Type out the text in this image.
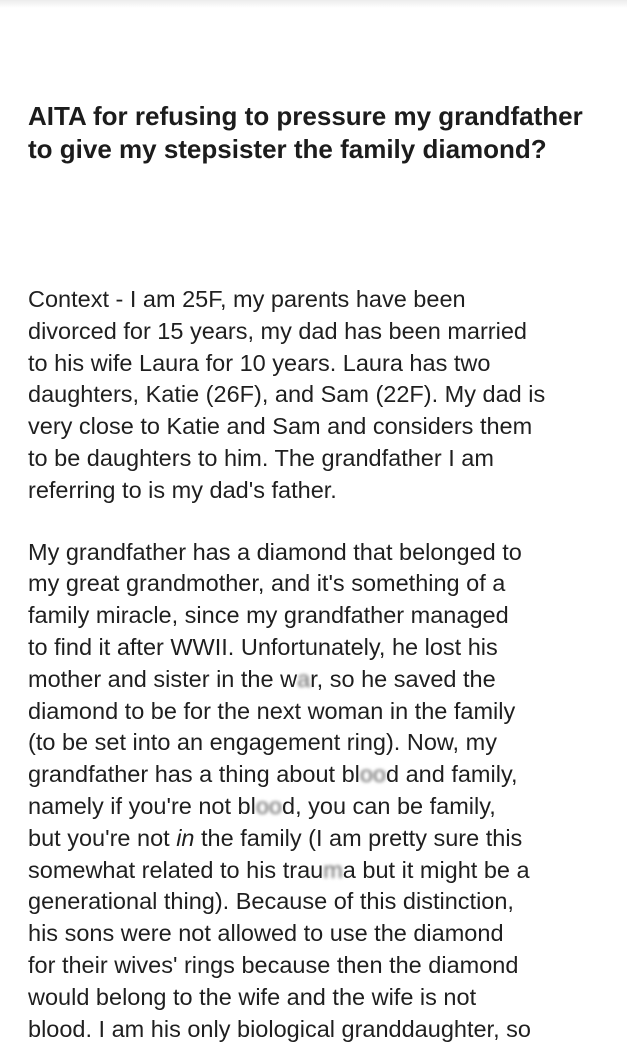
AITA for refusing to pressure my grandfather to give my stepsister the family diamond?

Context - I am 25F, my parents have been
divorced for 15 years, my dad has been married
to his wife Laura for 10 years. Laura has two
daughters, Katie (26F), and Sam (22F). My dad is
very close to Katie and Sam and considers them
to be daughters to him. The grandfather I am
referring to is my dad's father.

My grandfather has a diamond that belonged to
my great grandmother, and it's something of a
family miracle, since my grandfather managed
to find it after WWII. Unfortunately, he lost his
mother and sister in the war, so he saved the
diamond to be for the next woman in the family
(to be set into an engagement ring). Now, my
grandfather has a thing about blood and family,
namely if you're not blood, you can be family,
but you're not in the family (I am pretty sure this
somewhat related to his trauma but it might be a
generational thing). Because of this distinction,
his sons were not allowed to use the diamond
for their wives' rings because then the diamond
would belong to the wife and the wife is not
blood. I am his only biological granddaughter, so
